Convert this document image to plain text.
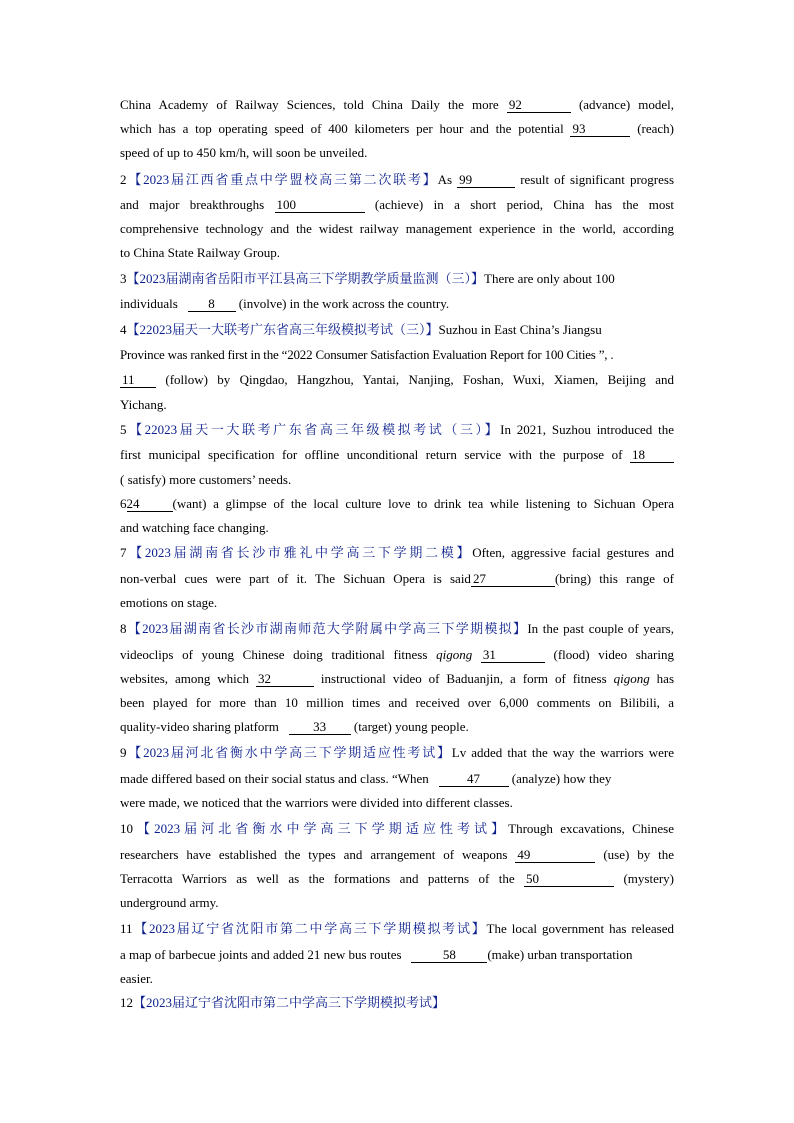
China Academy of Railway Sciences, told China Daily the more 92	(advance) model,
which has a top operating speed of 400 kilometers per hour and the potential 93	(reach)
speed of up to 450 km/h, will soon be unveiled.
2【2023届江西省重点中学盟校高三第二次联考】As 99	result of significant progress
and major breakthroughs 100	(achieve) in a short period, China has the most
comprehensive technology and the widest railway management experience in the world, according
to China State Railway Group.
3【2023届湖南省岳阳市平江县高三下学期教学质量监测（三）】There are only about 100
individuals 8 (involve) in the work across the country.
4【22023届天一大联考广东省高三年级模拟考试（三）】Suzhou in East China’s Jiangsu
Province was ranked first in the “2022 Consumer Satisfaction Evaluation Report for 100 Cities ”, .
11 (follow) by Qingdao, Hangzhou, Yantai, Nanjing, Foshan, Wuxi, Xiamen, Beijing and
Yichang.
5【22023届天一大联考广东省高三年级模拟考试（三）】In 2021, Suzhou introduced the
first municipal specification for offline unconditional return service with the purpose of 18
( satisfy) more customers’ needs.
624	(want) a glimpse of the local culture love to drink tea while listening to Sichuan Opera
and watching face changing.
7【2023届湖南省长沙市雅礼中学高三下学期二模】Often, aggressive facial gestures and
non-verbal cues were part of it. The Sichuan Opera is said 27	(bring) this range of
emotions on stage.
8【2023届湖南省长沙市湖南师范大学附属中学高三下学期模拟】In the past couple of years,
videoclips of young Chinese doing traditional fitness qigong 31	(flood) video sharing
websites, among which 32	instructional video of Baduanjin, a form of fitness qigong has
been played for more than 10 million times and received over 6,000 comments on Bilibili, a
quality-video sharing platform	33 (target) young people.
9【2023届河北省衡水中学高三下学期适应性考试】Lv added that the way the warriors were
made differed based on their social status and class. “When	47 (analyze) how they
were made, we noticed that the warriors were divided into different classes.
10【2023届河北省衡水中学高三下学期适应性考试】Through excavations, Chinese
researchers have established the types and arrangement of weapons 49	(use) by the
Terracotta Warriors as well as the formations and patterns of the 50	(mystery)
underground army.
11【2023届辽宁省沈阳市第二中学高三下学期模拟考试】The local government has released
a map of barbecue joints and added 21 new bus routes	58 (make) urban transportation
easier.
12【2023届辽宁省沈阳市第二中学高三下学期模拟考试】
